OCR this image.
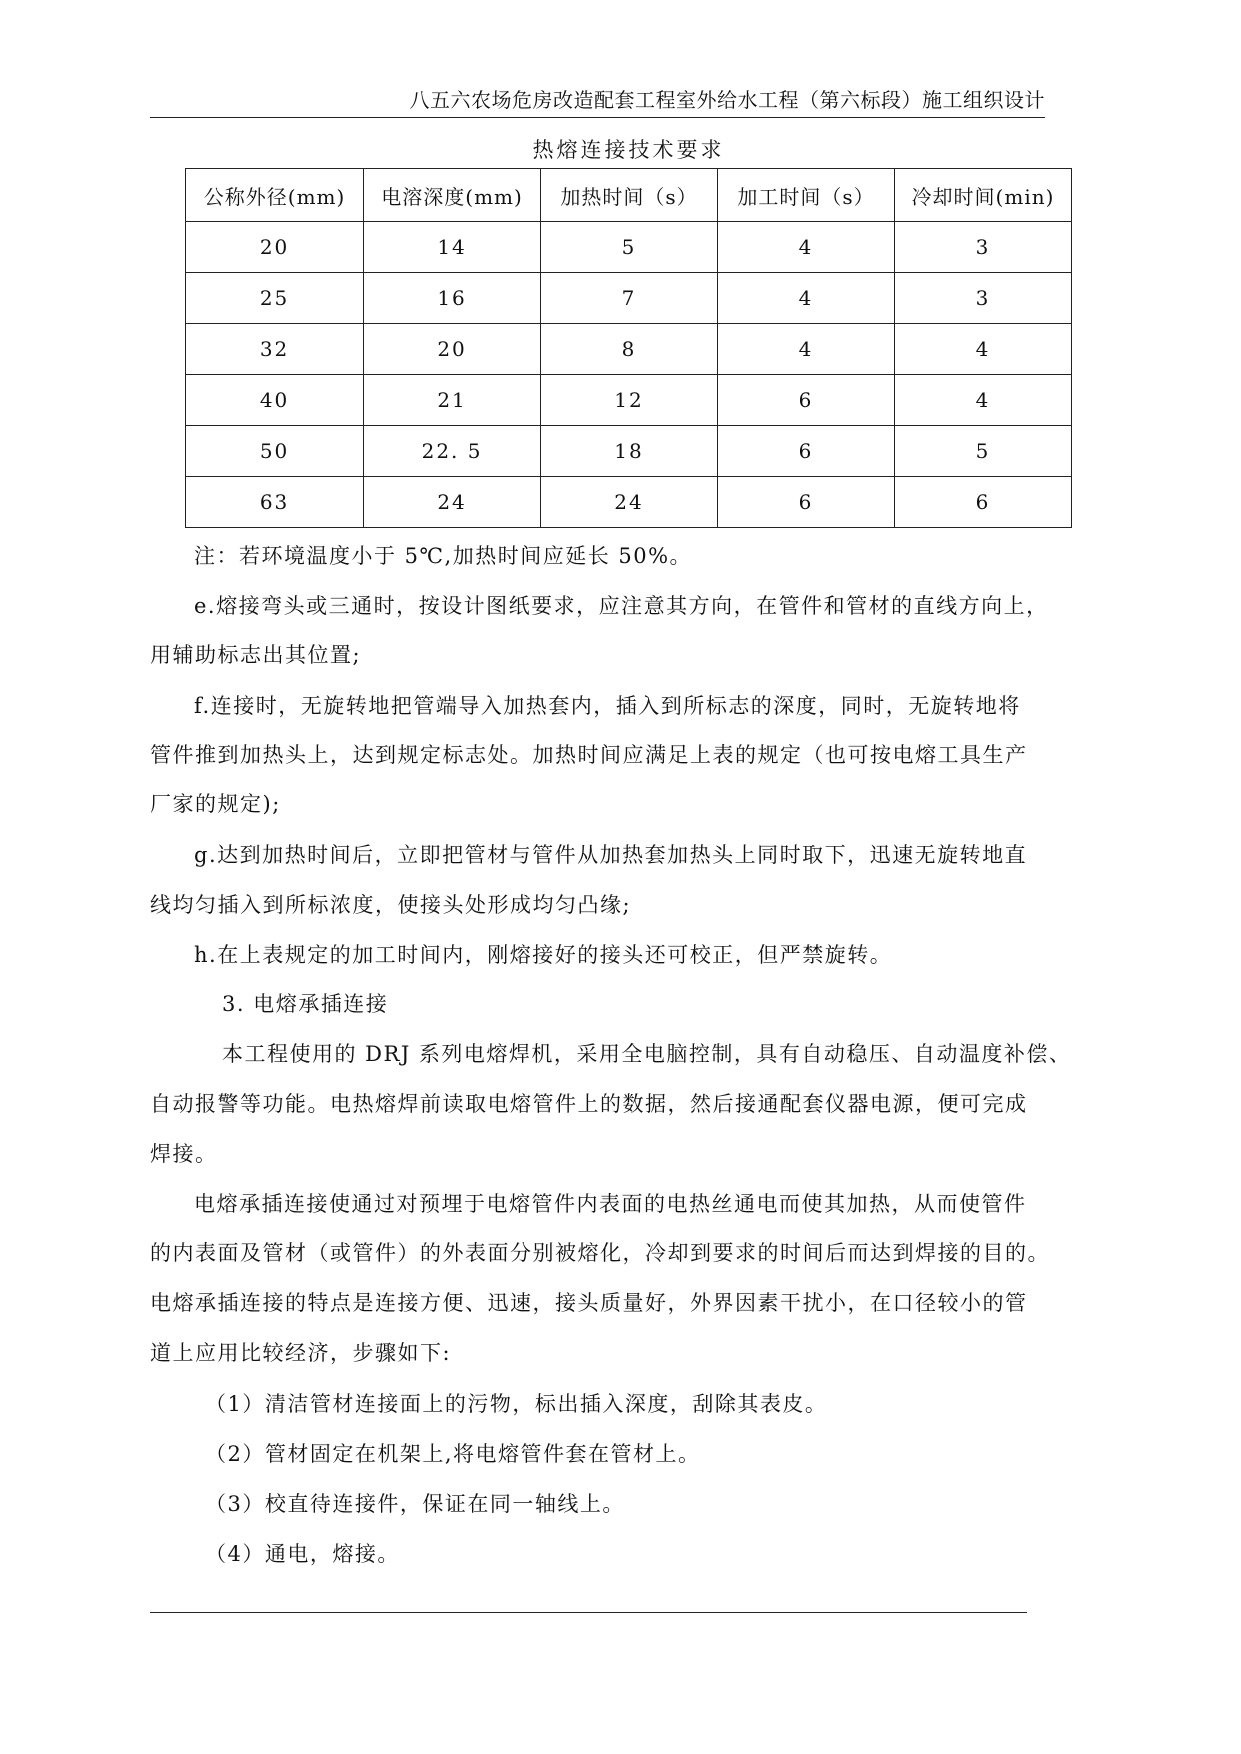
八五六农场危房改造配套工程室外给水工程（第六标段）施工组织设计
热熔连接技术要求
公称外径(mm)	电溶深度(mm)	加热时间（s）	加工时间（s）	冷却时间(min)
20	14	5	4	3
25	16	7	4	3
32	20	8	4	4
40	21	12	6	4
50	22. 5	18	6	5
63	24	24	6	6
注：若环境温度小于 5℃,加热时间应延长 50%。
e.熔接弯头或三通时，按设计图纸要求，应注意其方向，在管件和管材的直线方向上，
用辅助标志出其位置;
f.连接时，无旋转地把管端导入加热套内，插入到所标志的深度，同时，无旋转地将
管件推到加热头上，达到规定标志处。加热时间应满足上表的规定（也可按电熔工具生产
厂家的规定);
g.达到加热时间后，立即把管材与管件从加热套加热头上同时取下，迅速无旋转地直
线均匀插入到所标浓度，使接头处形成均匀凸缘;
h.在上表规定的加工时间内，刚熔接好的接头还可校正，但严禁旋转。
3. 电熔承插连接
本工程使用的 DRJ 系列电熔焊机，采用全电脑控制，具有自动稳压、自动温度补偿、
自动报警等功能。电热熔焊前读取电熔管件上的数据，然后接通配套仪器电源，便可完成
焊接。
电熔承插连接使通过对预埋于电熔管件内表面的电热丝通电而使其加热，从而使管件
的内表面及管材（或管件）的外表面分别被熔化，冷却到要求的时间后而达到焊接的目的。
电熔承插连接的特点是连接方便、迅速，接头质量好，外界因素干扰小，在口径较小的管
道上应用比较经济，步骤如下:
（1）清洁管材连接面上的污物，标出插入深度，刮除其表皮。
（2）管材固定在机架上,将电熔管件套在管材上。
（3）校直待连接件，保证在同一轴线上。
（4）通电，熔接。
